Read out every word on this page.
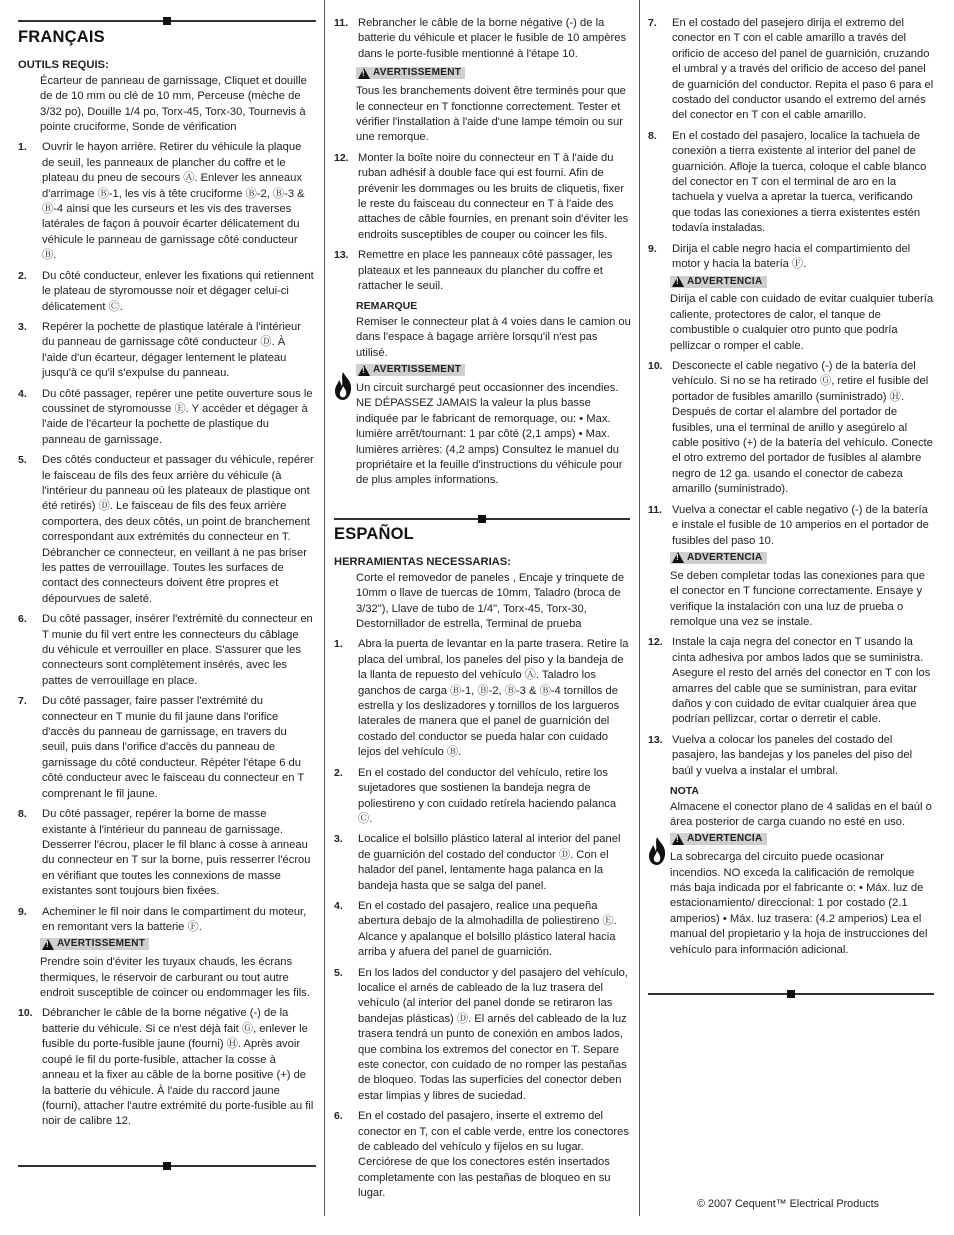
FRANÇAIS
OUTILS REQUIS:
Écarteur de panneau de garnissage, Cliquet et douille de de 10 mm ou clé de 10 mm, Perceuse (mèche de 3/32 po), Douille 1/4 po, Torx-45, Torx-30, Tournevis à pointe cruciforme, Sonde de vérification
1.	Ouvrir le hayon arrière. Retirer du véhicule la plaque de seuil, les panneaux de plancher du coffre et le plateau du pneu de secours Ⓐ. Enlever les anneaux d'arrimage Ⓑ-1, les vis à tête cruciforme Ⓑ-2, Ⓑ-3 & Ⓑ-4 ainsi que les curseurs et les vis des traverses latérales de façon à pouvoir écarter délicatement du véhicule le panneau de garnissage côté conducteur Ⓑ.
2.	Du côté conducteur, enlever les fixations qui retiennent le plateau de styromousse noir et dégager celui-ci délicatement Ⓒ.
3.	Repérer la pochette de plastique latérale à l'intérieur du panneau de garnissage côté conducteur Ⓓ. À l'aide d'un écarteur, dégager lentement le plateau jusqu'à ce qu'il s'expulse du panneau.
4.	Du côté passager, repérer une petite ouverture sous le coussinet de styromousse Ⓔ. Y accéder et dégager à l'aide de l'écarteur la pochette de plastique du panneau de garnissage.
5.	Des côtés conducteur et passager du véhicule, repérer le faisceau de fils des feux arrière du véhicule (à l'intérieur du panneau où les plateaux de plastique ont été retirés) Ⓓ. Le faisceau de fils des feux arrière comportera, des deux côtés, un point de branchement correspondant aux extrémités du connecteur en T. Débrancher ce connecteur, en veillant à ne pas briser les pattes de verrouillage. Toutes les surfaces de contact des connecteurs doivent être propres et dépourvues de saleté.
6.	Du côté passager, insérer l'extrémité du connecteur en T munie du fil vert entre les connecteurs du câblage du véhicule et verrouiller en place. S'assurer que les connecteurs sont complètement insérés, avec les pattes de verrouillage en place.
7.	Du côté passager, faire passer l'extrémité du connecteur en T munie du fil jaune dans l'orifice d'accès du panneau de garnissage, en travers du seuil, puis dans l'orifice d'accès du panneau de garnissage du côté conducteur. Répéter l'étape 6 du côté conducteur avec le faisceau du connecteur en T comprenant le fil jaune.
8.	Du côté passager, repérer la borne de masse existante à l'intérieur du panneau de garnissage. Desserrer l'écrou, placer le fil blanc à cosse à anneau du connecteur en T sur la borne, puis resserrer l'écrou en vérifiant que toutes les connexions de masse existantes sont toujours bien fixées.
9.	Acheminer le fil noir dans le compartiment du moteur, en remontant vers la batterie Ⓕ.
!
AVERTISSEMENT
Prendre soin d'éviter les tuyaux chauds, les écrans thermiques, le réservoir de carburant ou tout autre endroit susceptible de coincer ou endommager les fils.
10. Débrancher le câble de la borne négative (-) de la batterie du véhicule. Si ce n'est déjà fait Ⓖ, enlever le fusible du porte-fusible jaune (fourni) Ⓗ. Après avoir coupé le fil du porte-fusible, attacher la cosse à anneau et la fixer au câble de la borne positive (+) de la batterie du véhicule. À l'aide du raccord jaune (fourni), attacher l'autre extrémité du porte-fusible au fil noir de calibre 12.
11. Rebrancher le câble de la borne négative (-) de la batterie du véhicule et placer le fusible de 10 ampères dans le porte-fusible mentionné à l'étape 10.
!
AVERTISSEMENT
Tous les branchements doivent être terminés pour que le connecteur en T fonctionne correctement. Tester et vérifier l'installation à l'aide d'une lampe témoin ou sur une remorque.
12. Monter la boîte noire du connecteur en T à l'aide du ruban adhésif à double face qui est fourni. Afin de prévenir les dommages ou les bruits de cliquetis, fixer le reste du faisceau du connecteur en T à l'aide des attaches de câble fournies, en prenant soin d'éviter les endroits susceptibles de couper ou coincer les fils.
13. Remettre en place les panneaux côté passager, les plateaux et les panneaux du plancher du coffre et rattacher le seuil.
REMARQUE
Remiser le connecteur plat à 4 voies dans le camion ou dans l'espace à bagage arrière lorsqu'il n'est pas utilisé.
!
AVERTISSEMENT
Un circuit surchargé peut occasionner des incendies. NE DÉPASSEZ JAMAIS la valeur la plus basse indiquée par le fabricant de remorquage, ou: • Max. lumière arrêt/tournant: 1 par côté (2,1 amps) • Max. lumières arrières: (4,2 amps) Consultez le manuel du propriétaire et la feuille d'instructions du véhicule pour de plus amples informations.
ESPAÑOL
HERRAMIENTAS NECESSARIAS:
Corte el removedor de paneles , Encaje y trinquete de 10mm o llave de tuercas de 10mm, Taladro (broca de 3/32"), Llave de tubo de 1/4", Torx-45, Torx-30, Destornillador de estrella, Terminal de prueba
1.	Abra la puerta de levantar en la parte trasera. Retire la placa del umbral, los paneles del piso y la bandeja de la llanta de repuesto del vehículo Ⓐ. Taladro los ganchos de carga Ⓑ-1, Ⓑ-2, Ⓑ-3 & Ⓑ-4 tornillos de estrella y los deslizadores y tornillos de los largueros laterales de manera que el panel de guarnición del costado del conductor se pueda halar con cuidado lejos del vehículo Ⓑ.
2.	En el costado del conductor del vehículo, retire los sujetadores que sostienen la bandeja negra de poliestireno y con cuidado retírela haciendo palanca Ⓒ.
3.	Localice el bolsillo plástico lateral al interior del panel de guarnición del costado del conductor Ⓓ. Con el halador del panel, lentamente haga palanca en la bandeja hasta que se salga del panel.
4.	En el costado del pasajero, realice una pequeña abertura debajo de la almohadilla de poliestireno Ⓔ. Alcance y apalanque el bolsillo plástico lateral hacia arriba y afuera del panel de guarnición.
5.	En los lados del conductor y del pasajero del vehículo, localice el arnés de cableado de la luz trasera del vehículo (al interior del panel donde se retiraron las bandejas plásticas) Ⓓ. El arnés del cableado de la luz trasera tendrá un punto de conexión en ambos lados, que combina los extremos del conector en T. Separe este conector, con cuidado de no romper las pestañas de bloqueo. Todas las superficies del conector deben estar limpias y libres de suciedad.
6.	En el costado del pasajero, inserte el extremo del conector en T, con el cable verde, entre los conectores de cableado del vehículo y fíjelos en su lugar. Cerciórese de que los conectores estén insertados completamente con las pestañas de bloqueo en su lugar.
7.	En el costado del pasejero dirija el extremo del conector en T con el cable amarillo a través del orificio de acceso del panel de guarnición, cruzando el umbral y a través del orificio de acceso del panel de guarnición del conductor. Repita el paso 6 para el costado del conductor usando el extremo del arnés del conector en T con el cable amarillo.
8.	En el costado del pasajero, localice la tachuela de conexión a tierra existente al interior del panel de guarnición. Afloje la tuerca, coloque el cable blanco del conector en T con el terminal de aro en la tachuela y vuelva a apretar la tuerca, verificando que todas las conexiones a tierra existentes estén todavía instaladas.
9.	Dirija el cable negro hacia el compartimiento del motor y hacia la batería Ⓕ.
!
ADVERTENCIA
Dirija el cable con cuidado de evitar cualquier tubería caliente, protectores de calor, el tanque de combustible o cualquier otro punto que podría pellizcar o romper el cable.
10. Desconecte el cable negativo (-) de la batería del vehículo. Si no se ha retirado Ⓖ, retire el fusible del portador de fusibles amarillo (suministrado) Ⓗ. Después de cortar el alambre del portador de fusibles, una el terminal de anillo y asegúrelo al cable positivo (+) de la batería del vehículo. Conecte el otro extremo del portador de fusibles al alambre negro de 12 ga. usando el conector de cabeza amarillo (suministrado).
11. Vuelva a conectar el cable negativo (-) de la batería e instale el fusible de 10 amperios en el portador de fusibles del paso 10.
!
ADVERTENCIA
Se deben completar todas las conexiones para que el conector en T funcione correctamente. Ensaye y verifique la instalación con una luz de prueba o remolque una vez se instale.
12. Instale la caja negra del conector en T usando la cinta adhesiva por ambos lados que se suministra. Asegure el resto del arnés del conector en T con los amarres del cable que se suministran, para evitar daños y con cuidado de evitar cualquier área que podrían pellizcar, cortar o derretir el cable.
13. Vuelva a colocar los paneles del costado del pasajero, las bandejas y los paneles del piso del baúl y vuelva a instalar el umbral.
NOTA
Almacene el conector plano de 4 salidas en el baúl o área posterior de carga cuando no esté en uso.
!
ADVERTENCIA
La sobrecarga del circuito puede ocasionar incendios. NO exceda la calificación de remolque más baja indicada por el fabricante o: • Máx. luz de estacionamiento/ direccional: 1 por costado (2.1 amperios) • Máx. luz trasera: (4.2 amperios) Lea el manual del propietario y la hoja de instrucciones del vehículo para información adicional.
© 2007 Cequent™ Electrical Products
